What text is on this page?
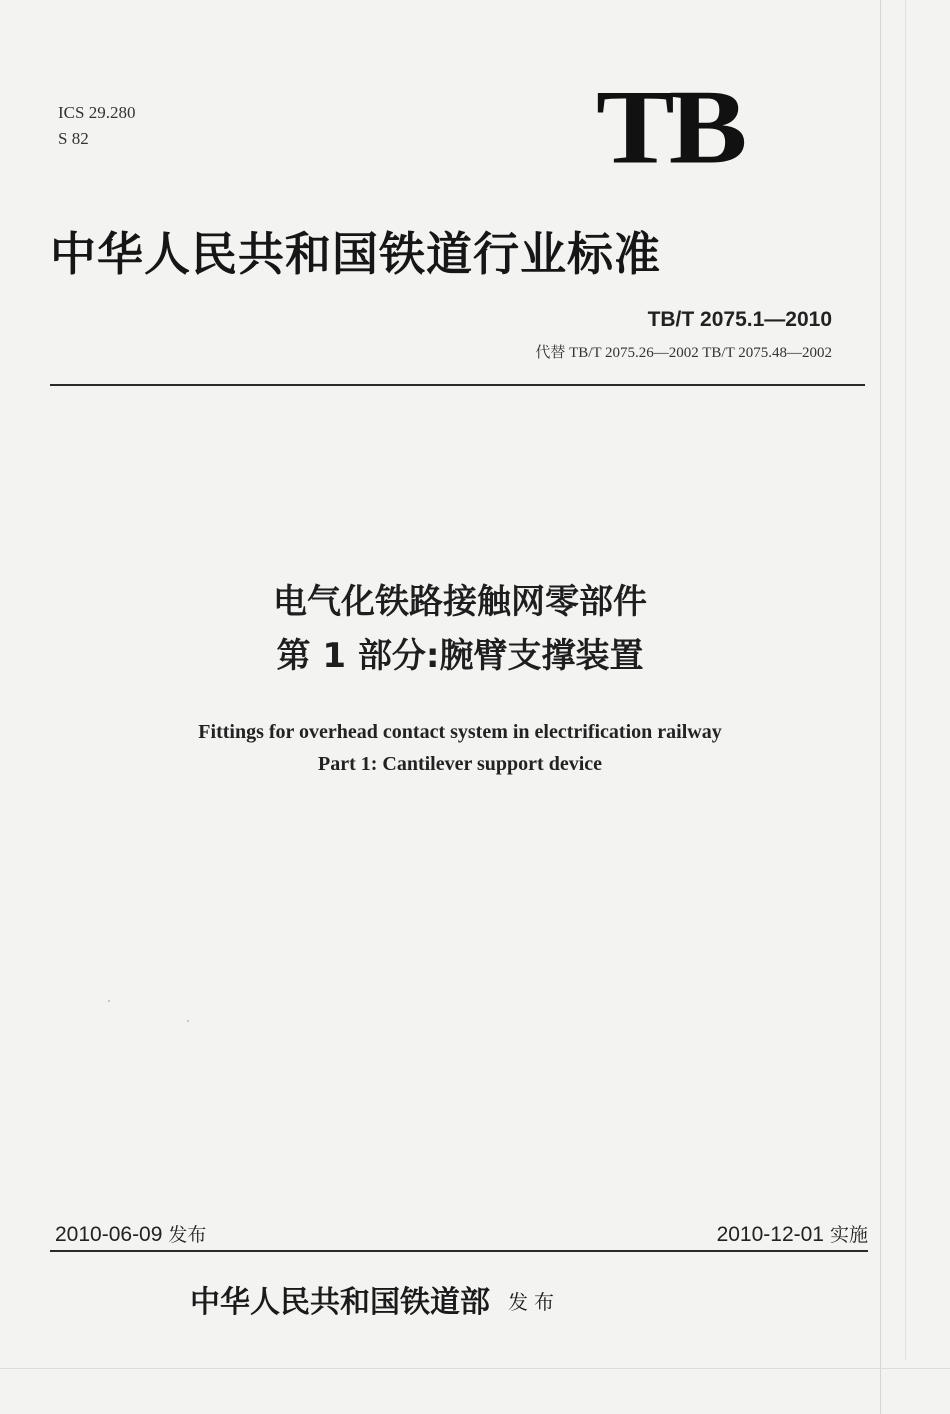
ICS 29.280
S 82	TB
中华人民共和国铁道行业标准
TB/T 2075.1—2010
代替 TB/T 2075.26—2002 TB/T 2075.48—2002
电气化铁路接触网零部件
第 1 部分:腕臂支撑装置
Fittings for overhead contact system in electrification railway
Part 1: Cantilever support device
2010-06-09 发布	2010-12-01 实施
中华人民共和国铁道部 发布
